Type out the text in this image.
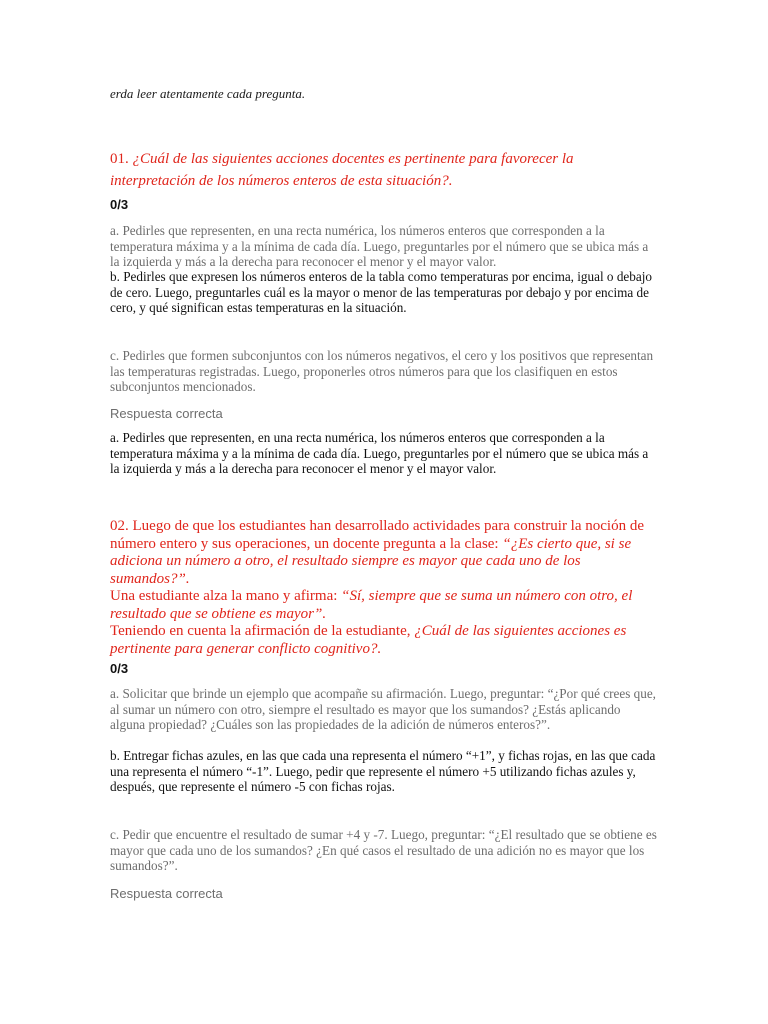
erda leer atentamente cada pregunta.
01. ¿Cuál de las siguientes acciones docentes es pertinente para favorecer la interpretación de los números enteros de esta situación?.
0/3
a. Pedirles que representen, en una recta numérica, los números enteros que corresponden a la temperatura máxima y a la mínima de cada día. Luego, preguntarles por el número que se ubica más a la izquierda y más a la derecha para reconocer el menor y el mayor valor.
b. Pedirles que expresen los números enteros de la tabla como temperaturas por encima, igual o debajo de cero. Luego, preguntarles cuál es la mayor o menor de las temperaturas por debajo y por encima de cero, y qué significan estas temperaturas en la situación.
c. Pedirles que formen subconjuntos con los números negativos, el cero y los positivos que representan las temperaturas registradas. Luego, proponerles otros números para que los clasifiquen en estos subconjuntos mencionados.
Respuesta correcta
a. Pedirles que representen, en una recta numérica, los números enteros que corresponden a la temperatura máxima y a la mínima de cada día. Luego, preguntarles por el número que se ubica más a la izquierda y más a la derecha para reconocer el menor y el mayor valor.
02. Luego de que los estudiantes han desarrollado actividades para construir la noción de número entero y sus operaciones, un docente pregunta a la clase: “¿Es cierto que, si se adiciona un número a otro, el resultado siempre es mayor que cada uno de los sumandos?”.
Una estudiante alza la mano y afirma: “Sí, siempre que se suma un número con otro, el resultado que se obtiene es mayor”.
Teniendo en cuenta la afirmación de la estudiante, ¿Cuál de las siguientes acciones es pertinente para generar conflicto cognitivo?.
0/3
a. Solicitar que brinde un ejemplo que acompañe su afirmación. Luego, preguntar: “¿Por qué crees que, al sumar un número con otro, siempre el resultado es mayor que los sumandos? ¿Estás aplicando alguna propiedad? ¿Cuáles son las propiedades de la adición de números enteros?”.
b. Entregar fichas azules, en las que cada una representa el número “+1”, y fichas rojas, en las que cada una representa el número “-1”. Luego, pedir que represente el número +5 utilizando fichas azules y, después, que represente el número -5 con fichas rojas.
c. Pedir que encuentre el resultado de sumar +4 y -7. Luego, preguntar: “¿El resultado que se obtiene es mayor que cada uno de los sumandos? ¿En qué casos el resultado de una adición no es mayor que los sumandos?”.
Respuesta correcta
